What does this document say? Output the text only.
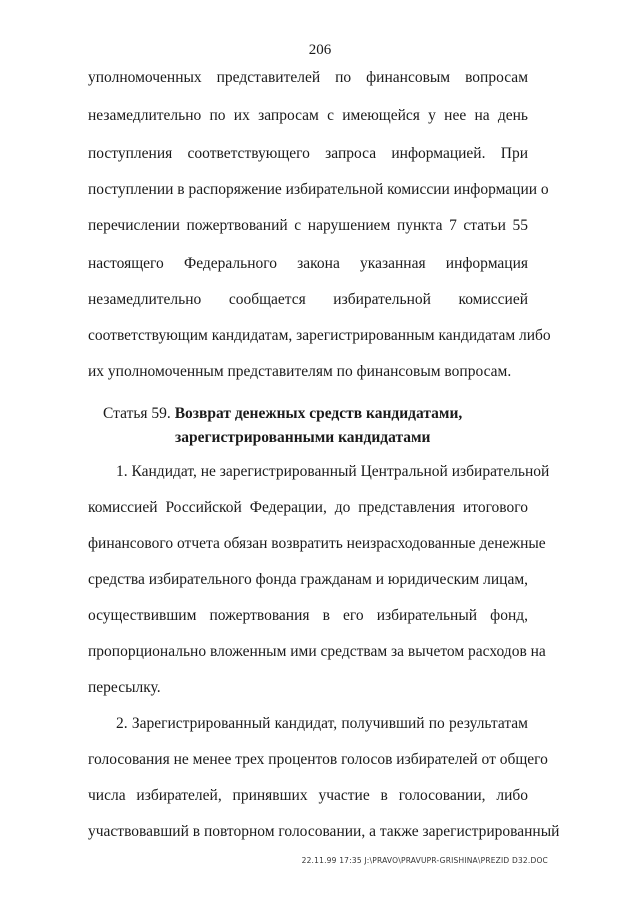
206
уполномоченных представителей по финансовым вопросам
незамедлительно по их запросам с имеющейся у нее на день
поступления соответствующего запроса информацией. При
поступлении в распоряжение избирательной комиссии информации о
перечислении пожертвований с нарушением пункта 7 статьи 55
настоящего Федерального закона указанная информация
незамедлительно сообщается избирательной комиссией
соответствующим кандидатам, зарегистрированным кандидатам либо
их уполномоченным представителям по финансовым вопросам.
Статья 59. Возврат денежных средств кандидатами,
зарегистрированными кандидатами
1. Кандидат, не зарегистрированный Центральной избирательной
комиссией Российской Федерации, до представления итогового
финансового отчета обязан возвратить неизрасходованные денежные
средства избирательного фонда гражданам и юридическим лицам,
осуществившим пожертвования в его избирательный фонд,
пропорционально вложенным ими средствам за вычетом расходов на
пересылку.
2. Зарегистрированный кандидат, получивший по результатам
голосования не менее трех процентов голосов избирателей от общего
числа избирателей, принявших участие в голосовании, либо
участвовавший в повторном голосовании, а также зарегистрированный
22.11.99 17:35 J:\PRAVO\PRAVUPR-GRISHINA\PREZID D32.DOC
